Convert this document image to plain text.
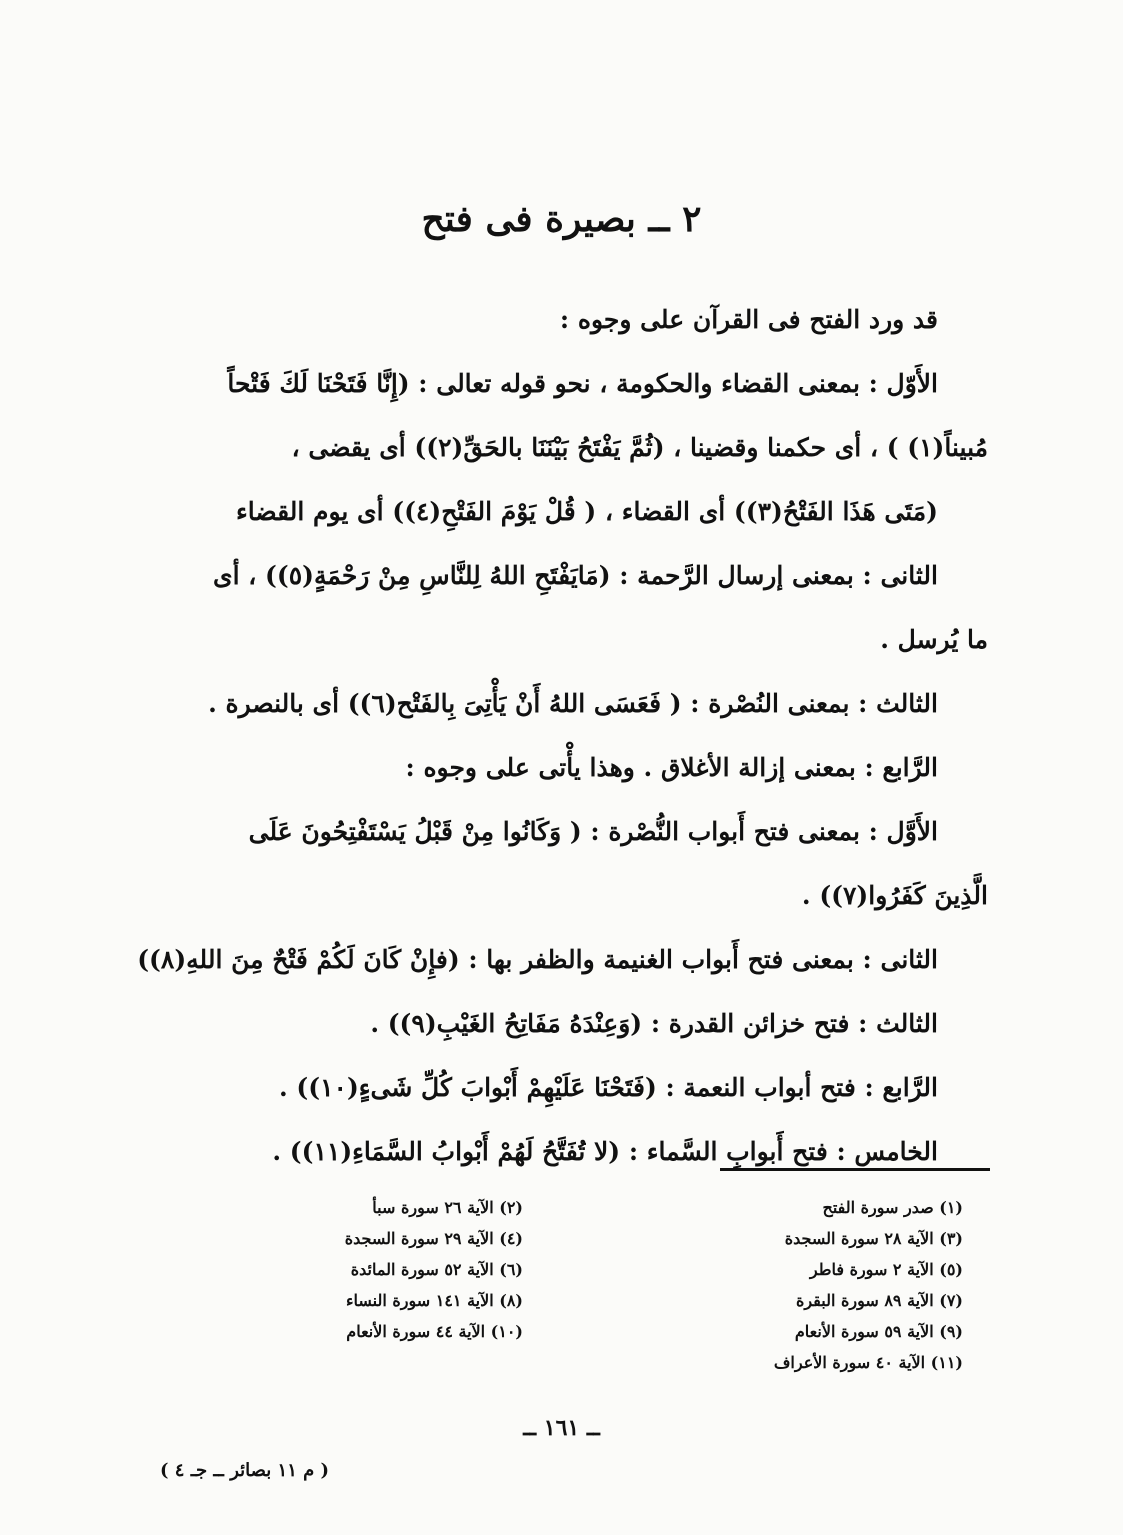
٢ ــ بصيرة فى فتح
قد ورد الفتح فى القرآن على وجوه :
الأَوّل : بمعنى القضاء والحكومة ، نحو قوله تعالى : (إِنَّا فَتَحْنَا لَكَ فَتْحاً
مُبيناً(١) ) ، أى حكمنا وقضينا ، (ثُمَّ يَفْتَحُ بَيْنَنَا بالحَقِّ(٢)) أى يقضى ،
(مَتَى هَذَا الفَتْحُ(٣)) أى القضاء ، ( قُلْ يَوْمَ الفَتْحِ(٤)) أى يوم القضاء
الثانى : بمعنى إرسال الرَّحمة : (مَايَفْتَحِ اللهُ لِلنَّاسِ مِنْ رَحْمَةٍ(٥)) ، أى
ما يُرسل .
الثالث : بمعنى النُصْرة : ( فَعَسَى اللهُ أَنْ يَأْتِىَ بِالفَتْح(٦)) أى بالنصرة .
الرَّابع : بمعنى إزالة الأغلاق . وهذا يأْتى على وجوه :
الأَوَّل : بمعنى فتح أَبواب النُّصْرة : ( وَكَانُوا مِنْ قَبْلُ يَسْتَفْتِحُونَ عَلَى
الَّذِينَ كَفَرُوا(٧)) .
الثانى : بمعنى فتح أَبواب الغنيمة والظفر بها : (فإِنْ كَانَ لَكُمْ فَتْحٌ مِنَ اللهِ(٨))
الثالث : فتح خزائن القدرة : (وَعِنْدَهُ مَفَاتِحُ الغَيْبِ(٩)) .
الرَّابع : فتح أبواب النعمة : (فَتَحْنَا عَلَيْهِمْ أَبْوابَ كُلِّ شَىءٍ(١٠)) .
الخامس : فتح أَبوابِ السَّماء : (لا تُفَتَّحُ لَهُمْ أَبْوابُ السَّمَاءِ(١١)) .
(١) صدر سورة الفتح
(٣) الآية ٢٨ سورة السجدة
(٥) الآية ٢ سورة فاطر
(٧) الآية ٨٩ سورة البقرة
(٩) الآية ٥٩ سورة الأنعام
(١١) الآية ٤٠ سورة الأعراف
(٢) الآية ٢٦ سورة سبأ
(٤) الآية ٢٩ سورة السجدة
(٦) الآية ٥٢ سورة المائدة
(٨) الآية ١٤١ سورة النساء
(١٠) الآية ٤٤ سورة الأنعام
ــ ١٦١ ــ
( م ١١ بصائر ــ جـ ٤ )
